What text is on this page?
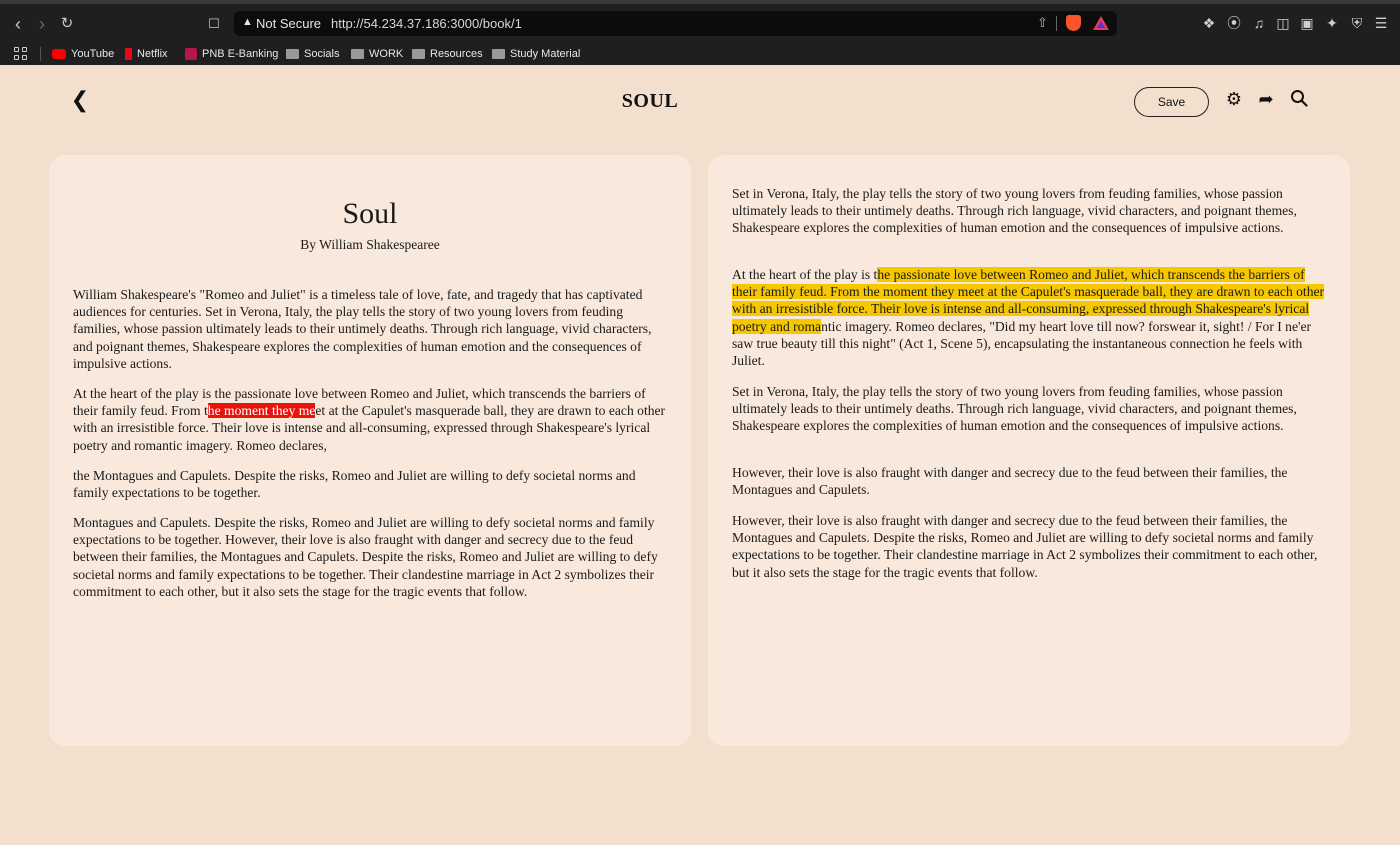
‹	›	↻	☐	▲ Not Secure http://54.234.37.186:3000/book/1	⇧	❖ ⦿ ♫ ◫ ▣ ✦ ⛨ ☰
YouTube	Netflix	PNB E-Banking	Socials	WORK	Resources	Study Material
❮	SOUL	Save	⚙ ➦
Soul
By William Shakespearee
William Shakespeare's "Romeo and Juliet" is a timeless tale of love, fate, and tragedy that has captivated audiences for centuries. Set in Verona, Italy, the play tells the story of two young lovers from feuding families, whose passion ultimately leads to their untimely deaths. Through rich language, vivid characters, and poignant themes, Shakespeare explores the complexities of human emotion and the consequences of impulsive actions.
At the heart of the play is the passionate love between Romeo and Juliet, which transcends the barriers of their family feud. From the moment they meet at the Capulet's masquerade ball, they are drawn to each other with an irresistible force. Their love is intense and all-consuming, expressed through Shakespeare's lyrical poetry and romantic imagery. Romeo declares,
the Montagues and Capulets. Despite the risks, Romeo and Juliet are willing to defy societal norms and family expectations to be together.
Montagues and Capulets. Despite the risks, Romeo and Juliet are willing to defy societal norms and family expectations to be together. However, their love is also fraught with danger and secrecy due to the feud between their families, the Montagues and Capulets. Despite the risks, Romeo and Juliet are willing to defy societal norms and family expectations to be together. Their clandestine marriage in Act 2 symbolizes their commitment to each other, but it also sets the stage for the tragic events that follow.
Set in Verona, Italy, the play tells the story of two young lovers from feuding families, whose passion ultimately leads to their untimely deaths. Through rich language, vivid characters, and poignant themes, Shakespeare explores the complexities of human emotion and the consequences of impulsive actions.
At the heart of the play is the passionate love between Romeo and Juliet, which transcends the barriers of their family feud. From the moment they meet at the Capulet's masquerade ball, they are drawn to each other with an irresistible force. Their love is intense and all-consuming, expressed through Shakespeare's lyrical poetry and romantic imagery. Romeo declares, "Did my heart love till now? forswear it, sight! / For I ne'er saw true beauty till this night" (Act 1, Scene 5), encapsulating the instantaneous connection he feels with Juliet.
Set in Verona, Italy, the play tells the story of two young lovers from feuding families, whose passion ultimately leads to their untimely deaths. Through rich language, vivid characters, and poignant themes, Shakespeare explores the complexities of human emotion and the consequences of impulsive actions.
However, their love is also fraught with danger and secrecy due to the feud between their families, the Montagues and Capulets.
However, their love is also fraught with danger and secrecy due to the feud between their families, the Montagues and Capulets. Despite the risks, Romeo and Juliet are willing to defy societal norms and family expectations to be together. Their clandestine marriage in Act 2 symbolizes their commitment to each other, but it also sets the stage for the tragic events that follow.
